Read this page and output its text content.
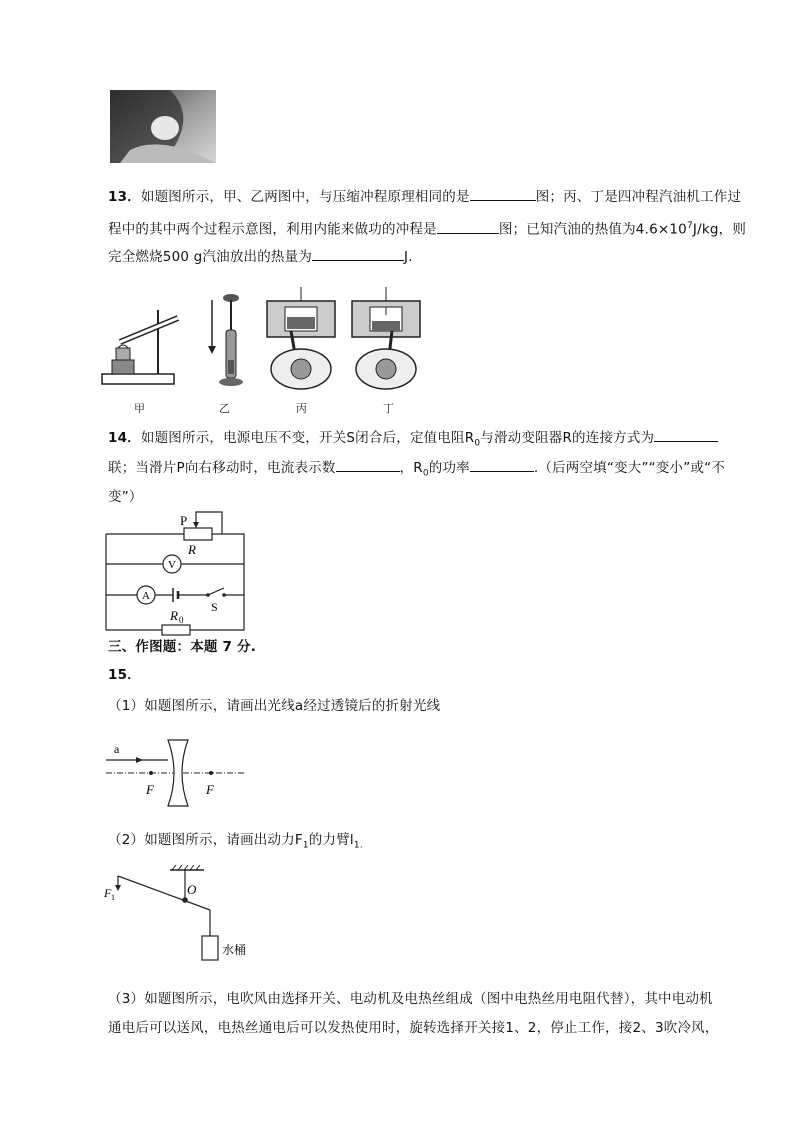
13．如题图所示，甲、乙两图中，与压缩冲程原理相同的是	图；丙、丁是四冲程汽油机工作过
程中的其中两个过程示意图，利用内能来做功的冲程是	图；已知汽油的热值为$4.6\times 10^7J/kg$，则
完全燃烧500 g汽油放出的热量为	J.
甲	乙	丙	丁
14．如题图所示，电源电压不变，开关S闭合后，定值电阻$R_0$与滑动变阻器R的连接方式为
联；当滑片P向右移动时，电流表示数	，$R_0$的功率	.（后两空填“变大”“变小”或“不
变”）
P
R
V
A
S
R 0
三、作图题：本题 7 分.
15．
（1）如题图所示，请画出光线a经过透镜后的折射光线
a
F	F
（2）如题图所示，请画出动力$F_1$的力臂$l_{1.}$
F 1
O
水桶
（3）如题图所示，电吹风由选择开关、电动机及电热丝组成（图中电热丝用电阻代替），其中电动机
通电后可以送风，电热丝通电后可以发热使用时，旋转选择开关接1、2，停止工作，接2、3吹冷风，
